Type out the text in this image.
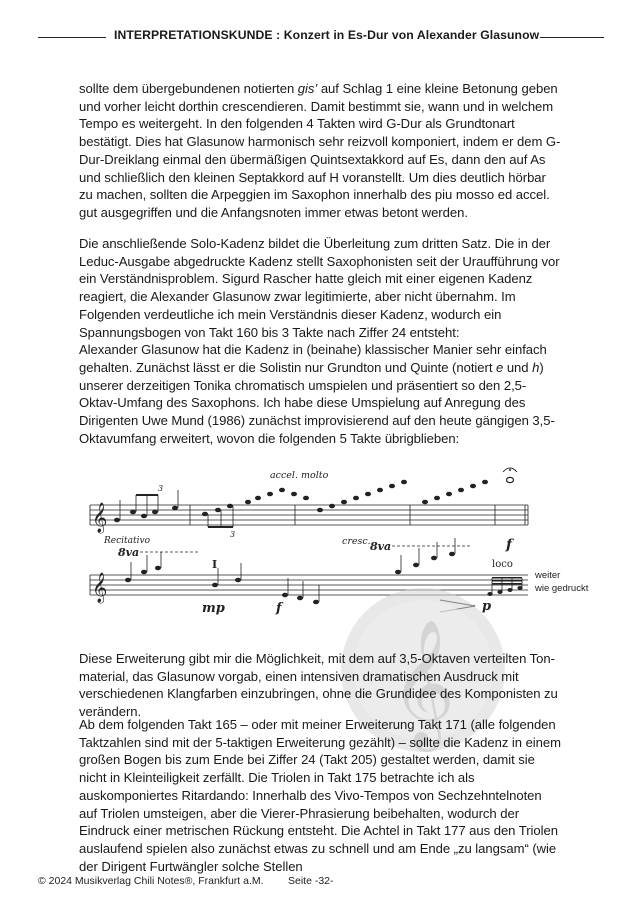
INTERPRETATIONSKUNDE : Konzert in Es-Dur von Alexander Glasunow

sollte dem übergebundenen notierten gis’ auf Schlag 1 eine kleine Betonung geben und vorher leicht dorthin crescendieren. Damit bestimmt sie, wann und in welchem Tempo es weitergeht. In den folgenden 4 Takten wird G-Dur als Grundtonart bestätigt. Dies hat Glasunow harmonisch sehr reizvoll komponiert, indem er dem G-Dur-Dreiklang einmal den übermäßigen Quintsextakkord auf Es, dann den auf As und schließlich den kleinen Septakkord auf H voranstellt. Um dies deutlich hörbar zu machen, sollten die Arpeggien im Saxophon innerhalb des piu mosso ed accel. gut ausgegriffen und die Anfangsnoten immer etwas betont werden.

Die anschließende Solo-Kadenz bildet die Überleitung zum dritten Satz. Die in der Leduc-Ausgabe abgedruckte Kadenz stellt Saxophonisten seit der Uraufführung vor ein Verständnisproblem. Sigurd Rascher hatte gleich mit einer eigenen Kadenz reagiert, die Alexander Glasunow zwar legitimierte, aber nicht übernahm. Im Folgenden verdeutliche ich mein Verständnis dieser Kadenz, wodurch ein Spannungsbogen von Takt 160 bis 3 Takte nach Ziffer 24 entsteht:

Alexander Glasunow hat die Kadenz in (beinahe) klassischer Manier sehr einfach gehalten. Zunächst lässt er die Solistin nur Grundton und Quinte (notiert e und h) unserer derzeitigen Tonika chromatisch umspielen und präsentiert so den 2,5-Oktav-Umfang des Saxophons. Ich habe diese Umspielung auf Anregung des Dirigenten Uwe Mund (1986) zunächst improvisierend auf den heute gängigen 3,5-Oktavumfang erweitert, wovon die folgenden 5 Takte übrigblieben:

𝄞
3
3
accel. molto
cresc.	f
𝄞
Recitativo
8va	8va
I
mp	f	p
loco
weiter
wie gedruckt
𝄞
Diese Erweiterung gibt mir die Möglichkeit, mit dem auf 3,5-Oktaven verteilten Tonmaterial, das Glasunow vorgab, einen intensiven dramatischen Ausdruck mit verschiedenen Klangfarben einzubringen, ohne die Grundidee des Komponisten zu verändern.
Ab dem folgenden Takt 165 – oder mit meiner Erweiterung Takt 171 (alle folgenden Taktzahlen sind mit der 5-taktigen Erweiterung gezählt) – sollte die Kadenz in einem großen Bogen bis zum Ende bei Ziffer 24 (Takt 205) gestaltet werden, damit sie nicht in Kleinteiligkeit zerfällt. Die Triolen in Takt 175 betrachte ich als auskomponiertes Ritardando: Innerhalb des Vivo-Tempos von Sechzehntelnoten auf Triolen umsteigen, aber die Vierer-Phrasierung beibehalten, wodurch der Eindruck einer metrischen Rückung entsteht. Die Achtel in Takt 177 aus den Triolen auslaufend spielen also zunächst etwas zu schnell und am Ende „zu langsam“ (wie der Dirigent Furtwängler solche Stellen
© 2024 Musikverlag Chili Notes®, Frankfurt a.M. Seite -32-
